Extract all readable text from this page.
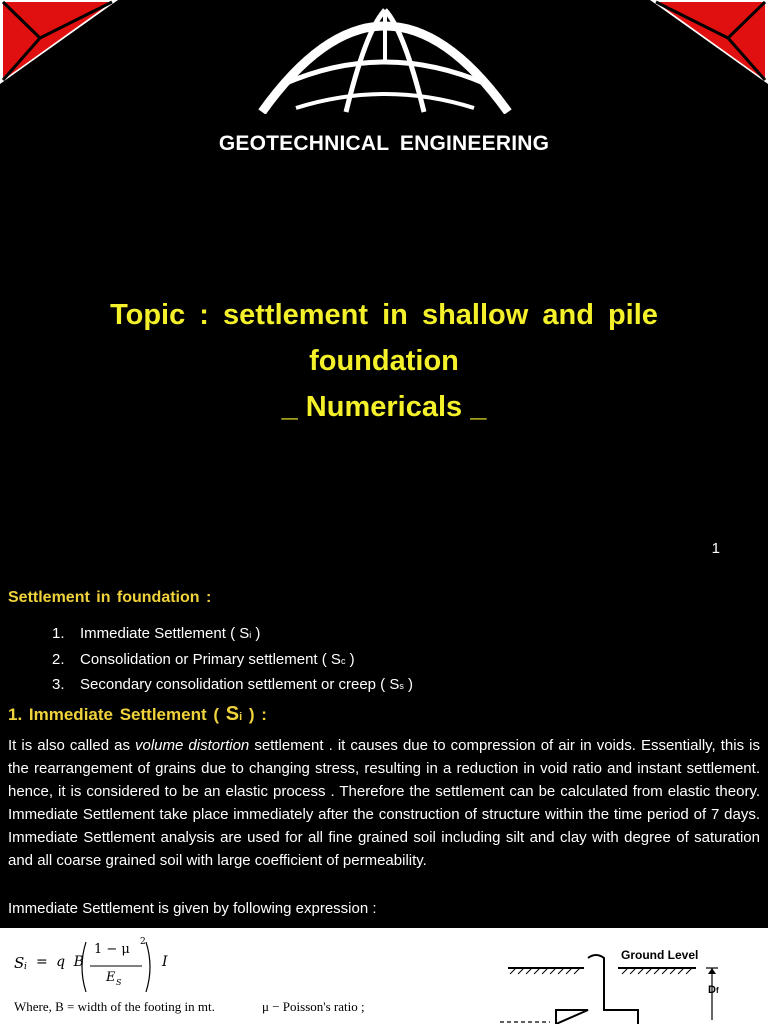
GEOTECHNICAL ENGINEERING
Topic : settlement in shallow and pile
foundation
_ Numericals _
1
Settlement in foundation :
1.	Immediate Settlement ( Si )
2.	Consolidation or Primary settlement ( Sc )
3.	Secondary consolidation settlement or creep ( Ss )
1. Immediate Settlement ( Si ) :

It is also called as volume distortion settlement . it causes due to compression of air in voids. Essentially, this is the rearrangement of grains due to changing stress, resulting in a reduction in void ratio and instant settlement. hence, it is considered to be an elastic process . Therefore the settlement can be calculated from elastic theory. Immediate Settlement take place immediately after the construction of structure within the time period of 7 days. Immediate Settlement analysis are used for all fine grained soil including silt and clay with degree of saturation and all coarse grained soil with large coefficient of permeability.

Immediate Settlement is given by following expression :
S i = q B
1 − μ 2
E S
I
Where, B = width of the footing in mt.	μ − Poisson's ratio ;
Ground Level
Df
